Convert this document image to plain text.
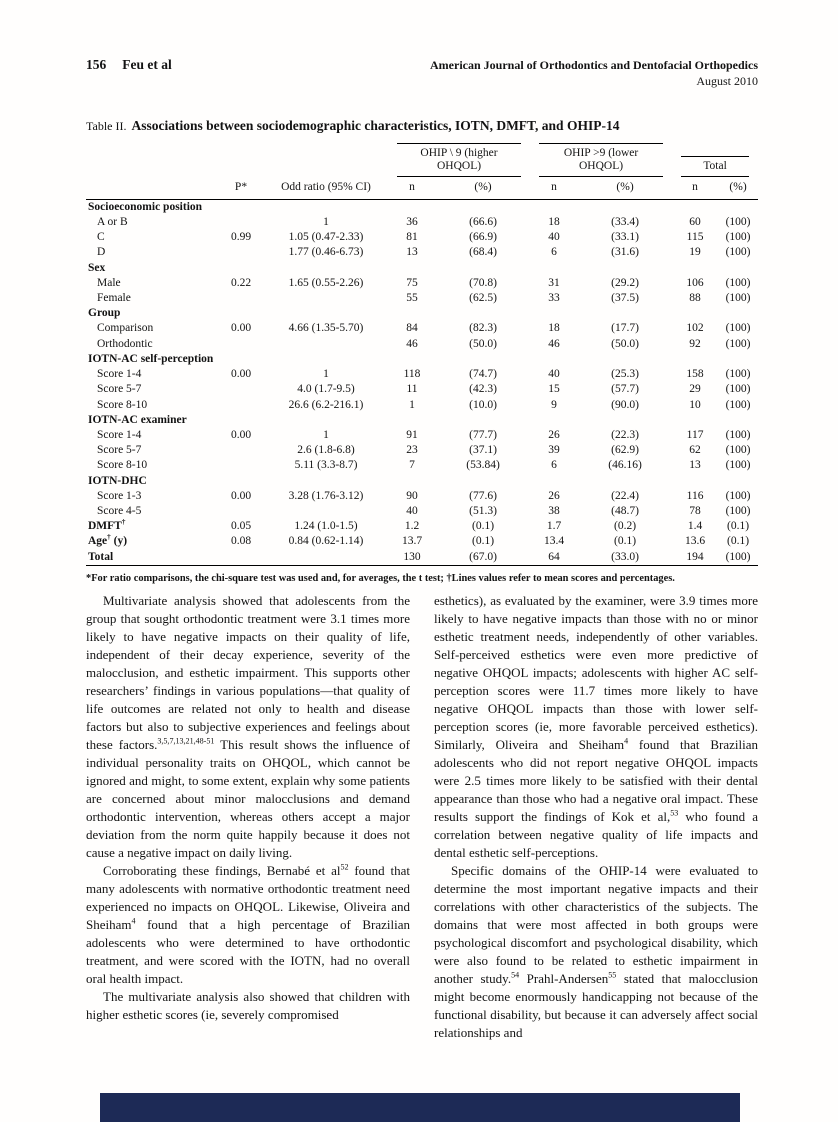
156 Feu et al	American Journal of Orthodontics and Dentofacial Orthopedics
August 2010
Table II. Associations between sociodemographic characteristics, IOTN, DMFT, and OHIP-14

			OHIP \ 9 (higher OHQOL)		OHIP >9 (lower OHQOL)		Total	

	P*	Odd ratio (95% CI)	n	(%)	n	(%)	n	(%)
Socioeconomic position								
A or B		1	36	(66.6)	18	(33.4)	60	(100)
C	0.99	1.05 (0.47-2.33)	81	(66.9)	40	(33.1)	115	(100)
D		1.77 (0.46-6.73)	13	(68.4)	6	(31.6)	19	(100)
Sex								
Male	0.22	1.65 (0.55-2.26)	75	(70.8)	31	(29.2)	106	(100)
Female			55	(62.5)	33	(37.5)	88	(100)
Group								
Comparison	0.00	4.66 (1.35-5.70)	84	(82.3)	18	(17.7)	102	(100)
Orthodontic			46	(50.0)	46	(50.0)	92	(100)
IOTN-AC self-perception								
Score 1-4	0.00	1	118	(74.7)	40	(25.3)	158	(100)
Score 5-7		4.0 (1.7-9.5)	11	(42.3)	15	(57.7)	29	(100)
Score 8-10		26.6 (6.2-216.1)	1	(10.0)	9	(90.0)	10	(100)
IOTN-AC examiner								
Score 1-4	0.00	1	91	(77.7)	26	(22.3)	117	(100)
Score 5-7		2.6 (1.8-6.8)	23	(37.1)	39	(62.9)	62	(100)
Score 8-10		5.11 (3.3-8.7)	7	(53.84)	6	(46.16)	13	(100)
IOTN-DHC								
Score 1-3	0.00	3.28 (1.76-3.12)	90	(77.6)	26	(22.4)	116	(100)
Score 4-5			40	(51.3)	38	(48.7)	78	(100)
DMFT†	0.05	1.24 (1.0-1.5)	1.2	(0.1)	1.7	(0.2)	1.4	(0.1)
Age† (y)	0.08	0.84 (0.62-1.14)	13.7	(0.1)	13.4	(0.1)	13.6	(0.1)
Total			130	(67.0)	64	(33.0)	194	(100)
*For ratio comparisons, the chi-square test was used and, for averages, the t test; †Lines values refer to mean scores and percentages.

Multivariate analysis showed that adolescents from the group that sought orthodontic treatment were 3.1 times more likely to have negative impacts on their quality of life, independent of their decay experience, severity of the malocclusion, and esthetic impairment. This supports other researchers’ findings in various populations—that quality of life outcomes are related not only to health and disease factors but also to subjective experiences and feelings about these factors.$^{3,5,7,13,21,48-51}$ This result shows the influence of individual personality traits on OHQOL, which cannot be ignored and might, to some extent, explain why some patients are concerned about minor malocclusions and demand orthodontic intervention, whereas others accept a major deviation from the norm quite happily because it does not cause a negative impact on daily living.

Corroborating these findings, Bernabé et $al^{52}$ found that many adolescents with normative orthodontic treatment need experienced no impacts on OHQOL. Likewise, Oliveira and Sheiham$^4$ found that a high percentage of Brazilian adolescents who were determined to have orthodontic treatment, and were scored with the IOTN, had no overall oral health impact.

The multivariate analysis also showed that children with higher esthetic scores (ie, severely compromised

esthetics), as evaluated by the examiner, were 3.9 times more likely to have negative impacts than those with no or minor esthetic treatment needs, independently of other variables. Self-perceived esthetics were even more predictive of negative OHQOL impacts; adolescents with higher AC self-perception scores were 11.7 times more likely to have negative OHQOL impacts than those with lower self-perception scores (ie, more favorable perceived esthetics). Similarly, Oliveira and Sheiham$^4$ found that Brazilian adolescents who did not report negative OHQOL impacts were 2.5 times more likely to be satisfied with their dental appearance than those who had a negative oral impact. These results support the findings of Kok et al,$^{53}$ who found a correlation between negative quality of life impacts and dental esthetic self-perceptions.

Specific domains of the OHIP-14 were evaluated to determine the most important negative impacts and their correlations with other characteristics of the subjects. The domains that were most affected in both groups were psychological discomfort and psychological disability, which were also found to be related to esthetic impairment in another study.$^{54}$ Prahl-Andersen$^{55}$ stated that malocclusion might become enormously handicapping not because of the functional disability, but because it can adversely affect social relationships and
